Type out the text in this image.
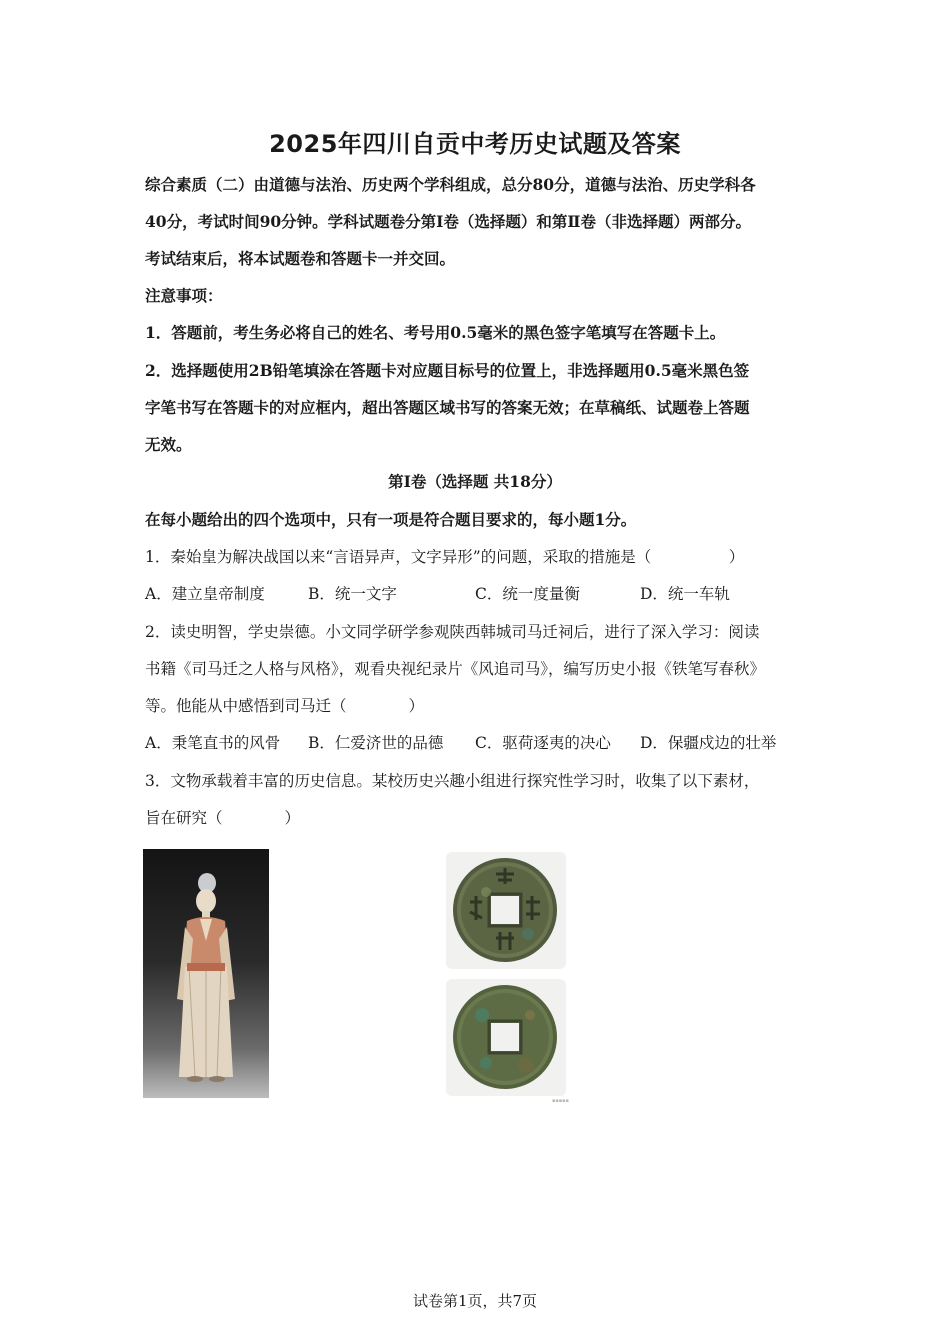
2025年四川自贡中考历史试题及答案
综合素质（二）由道德与法治、历史两个学科组成，总分80分，道德与法治、历史学科各
40分，考试时间90分钟。学科试题卷分第Ⅰ卷（选择题）和第Ⅱ卷（非选择题）两部分。
考试结束后，将本试题卷和答题卡一并交回。
注意事项：
1．答题前，考生务必将自己的姓名、考号用0.5毫米的黑色签字笔填写在答题卡上。
2．选择题使用2B铅笔填涂在答题卡对应题目标号的位置上，非选择题用0.5毫米黑色签
字笔书写在答题卡的对应框内，超出答题区域书写的答案无效；在草稿纸、试题卷上答题
无效。
第Ⅰ卷（选择题 共18分）
在每小题给出的四个选项中，只有一项是符合题目要求的，每小题1分。
1．秦始皇为解决战国以来“言语异声，文字异形”的问题，采取的措施是（　　　　　）
A．建立皇帝制度	B．统一文字	C．统一度量衡	D．统一车轨
2．读史明智，学史崇德。小文同学研学参观陕西韩城司马迁祠后，进行了深入学习：阅读
书籍《司马迁之人格与风格》，观看央视纪录片《风追司马》，编写历史小报《铁笔写春秋》
等。他能从中感悟到司马迁（　　　　）
A．秉笔直书的风骨 B．仁爱济世的品德 C．驱荷逐夷的决心 D．保疆戍边的壮举
3．文物承载着丰富的历史信息。某校历史兴趣小组进行探究性学习时，收集了以下素材，
旨在研究（　　　　）
▪▪▪▪▪
试卷第1页，共7页
